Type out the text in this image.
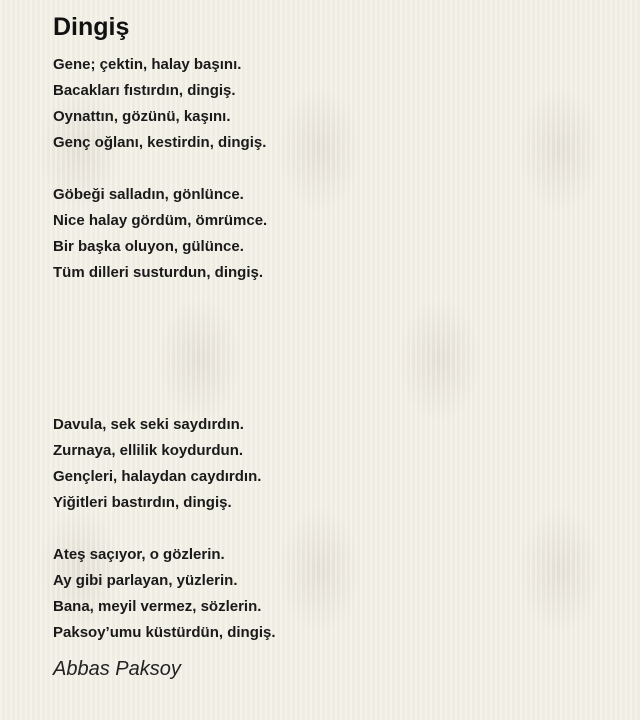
Dingiş
Gene; çektin, halay başını.
Bacakları fıstırdın, dingiş.
Oynattın, gözünü, kaşını.
Genç oğlanı, kestirdin, dingiş.
Göbeği salladın, gönlünce.
Nice halay gördüm, ömrümce.
Bir başka oluyon, gülünce.
Tüm dilleri susturdun, dingiş.
Davula, sek seki saydırdın.
Zurnaya, ellilik koydurdun.
Gençleri, halaydan caydırdın.
Yiğitleri bastırdın, dingiş.
Ateş saçıyor, o gözlerin.
Ay gibi parlayan, yüzlerin.
Bana, meyil vermez, sözlerin.
Paksoy’umu küstürdün, dingiş.
Abbas Paksoy
